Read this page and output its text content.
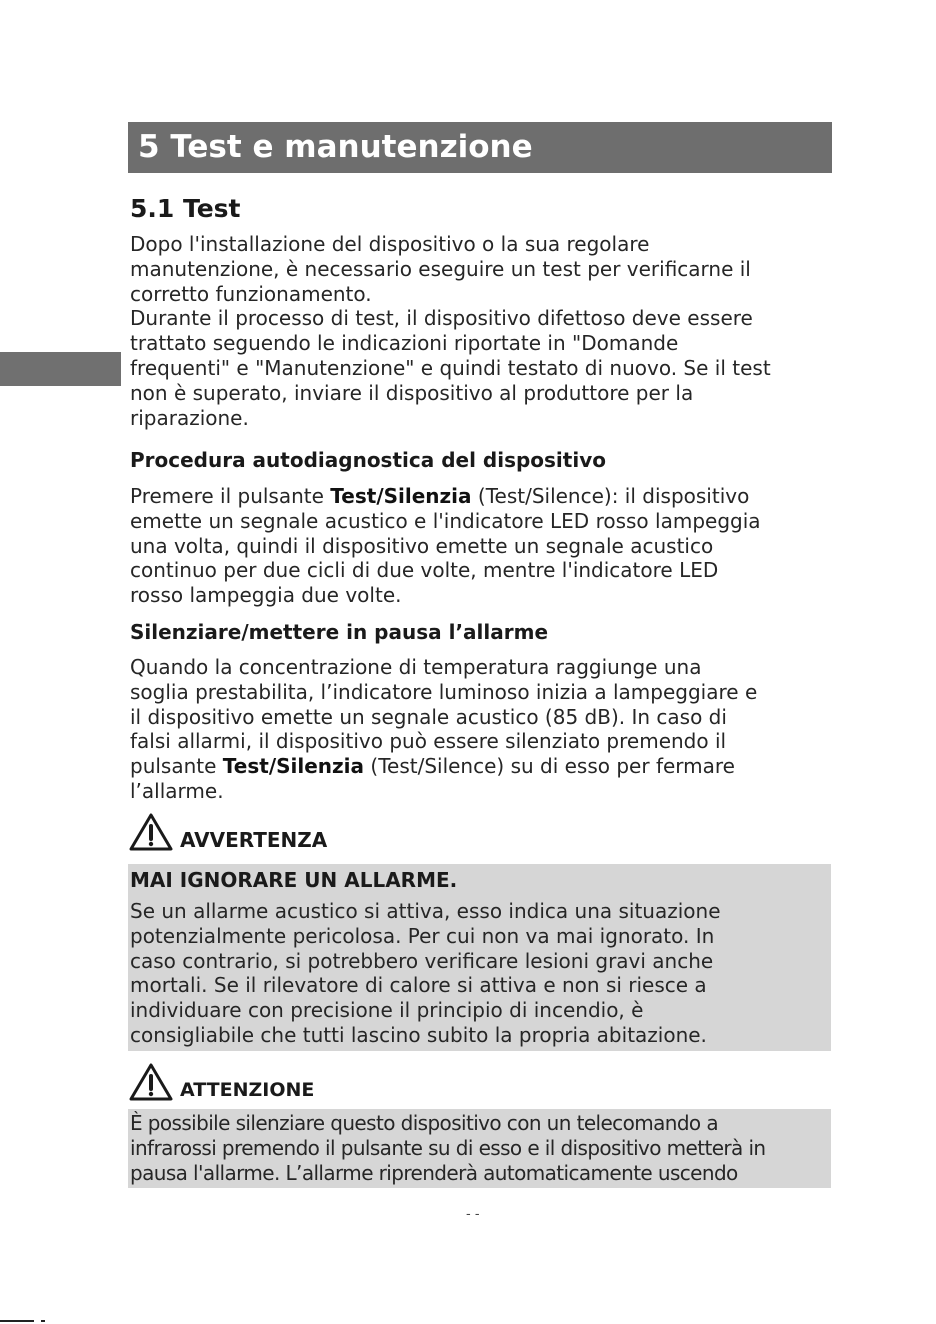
5 Test e manutenzione
5.1 Test
Dopo l'installazione del dispositivo o la sua regolare
manutenzione, è necessario eseguire un test per verificarne il
corretto funzionamento.
Durante il processo di test, il dispositivo difettoso deve essere
trattato seguendo le indicazioni riportate in "Domande
frequenti" e "Manutenzione" e quindi testato di nuovo. Se il test
non è superato, inviare il dispositivo al produttore per la
riparazione.
Procedura autodiagnostica del dispositivo
Premere il pulsante Test/Silenzia (Test/Silence): il dispositivo
emette un segnale acustico e l'indicatore LED rosso lampeggia
una volta, quindi il dispositivo emette un segnale acustico
continuo per due cicli di due volte, mentre l'indicatore LED
rosso lampeggia due volte.
Silenziare/mettere in pausa l’allarme
Quando la concentrazione di temperatura raggiunge una
soglia prestabilita, l’indicatore luminoso inizia a lampeggiare e
il dispositivo emette un segnale acustico (85 dB). In caso di
falsi allarmi, il dispositivo può essere silenziato premendo il
pulsante Test/Silenzia (Test/Silence) su di esso per fermare
l’allarme.
AVVERTENZA
MAI IGNORARE UN ALLARME.
Se un allarme acustico si attiva, esso indica una situazione
potenzialmente pericolosa. Per cui non va mai ignorato. In
caso contrario, si potrebbero verificare lesioni gravi anche
mortali. Se il rilevatore di calore si attiva e non si riesce a
individuare con precisione il principio di incendio, è
consigliabile che tutti lascino subito la propria abitazione.
ATTENZIONE
È possibile silenziare questo dispositivo con un telecomando a
infrarossi premendo il pulsante su di esso e il dispositivo metterà in
pausa l'allarme. L’allarme riprenderà automaticamente uscendo
- -
